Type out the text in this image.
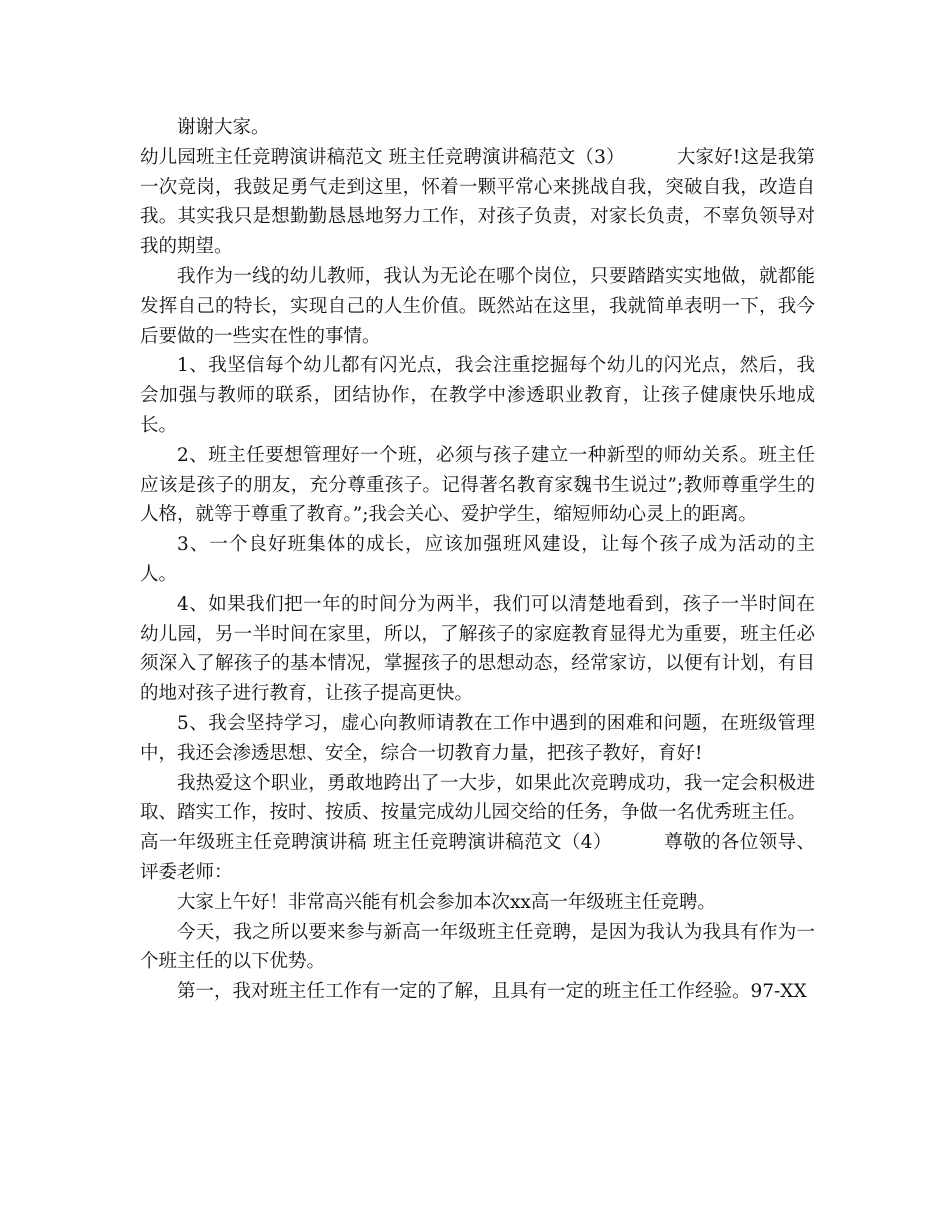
谢谢大家。

幼儿园班主任竞聘演讲稿范文 班主任竞聘演讲稿范文（3）	大家好!这是我第一次竞岗，我鼓足勇气走到这里，怀着一颗平常心来挑战自我，突破自我，改造自我。其实我只是想勤勤恳恳地努力工作，对孩子负责，对家长负责，不辜负领导对我的期望。

我作为一线的幼儿教师，我认为无论在哪个岗位，只要踏踏实实地做，就都能发挥自己的特长，实现自己的人生价值。既然站在这里，我就简单表明一下，我今后要做的一些实在性的事情。

1、我坚信每个幼儿都有闪光点，我会注重挖掘每个幼儿的闪光点，然后，我会加强与教师的联系，团结协作，在教学中渗透职业教育，让孩子健康快乐地成长。

2、班主任要想管理好一个班，必须与孩子建立一种新型的师幼关系。班主任应该是孩子的朋友，充分尊重孩子。记得著名教育家魏书生说过”;教师尊重学生的人格，就等于尊重了教育。”;我会关心、爱护学生，缩短师幼心灵上的距离。

3、一个良好班集体的成长，应该加强班风建设，让每个孩子成为活动的主人。

4、如果我们把一年的时间分为两半，我们可以清楚地看到，孩子一半时间在幼儿园，另一半时间在家里，所以，了解孩子的家庭教育显得尤为重要，班主任必须深入了解孩子的基本情况，掌握孩子的思想动态，经常家访，以便有计划，有目的地对孩子进行教育，让孩子提高更快。

5、我会坚持学习，虚心向教师请教在工作中遇到的困难和问题，在班级管理中，我还会渗透思想、安全，综合一切教育力量，把孩子教好，育好!

我热爱这个职业，勇敢地跨出了一大步，如果此次竞聘成功，我一定会积极进取、踏实工作，按时、按质、按量完成幼儿园交给的任务，争做一名优秀班主任。

高一年级班主任竞聘演讲稿 班主任竞聘演讲稿范文（4）	尊敬的各位领导、评委老师：

大家上午好！非常高兴能有机会参加本次xx高一年级班主任竞聘。

今天，我之所以要来参与新高一年级班主任竞聘，是因为我认为我具有作为一个班主任的以下优势。

第一，我对班主任工作有一定的了解，且具有一定的班主任工作经验。97-XX
